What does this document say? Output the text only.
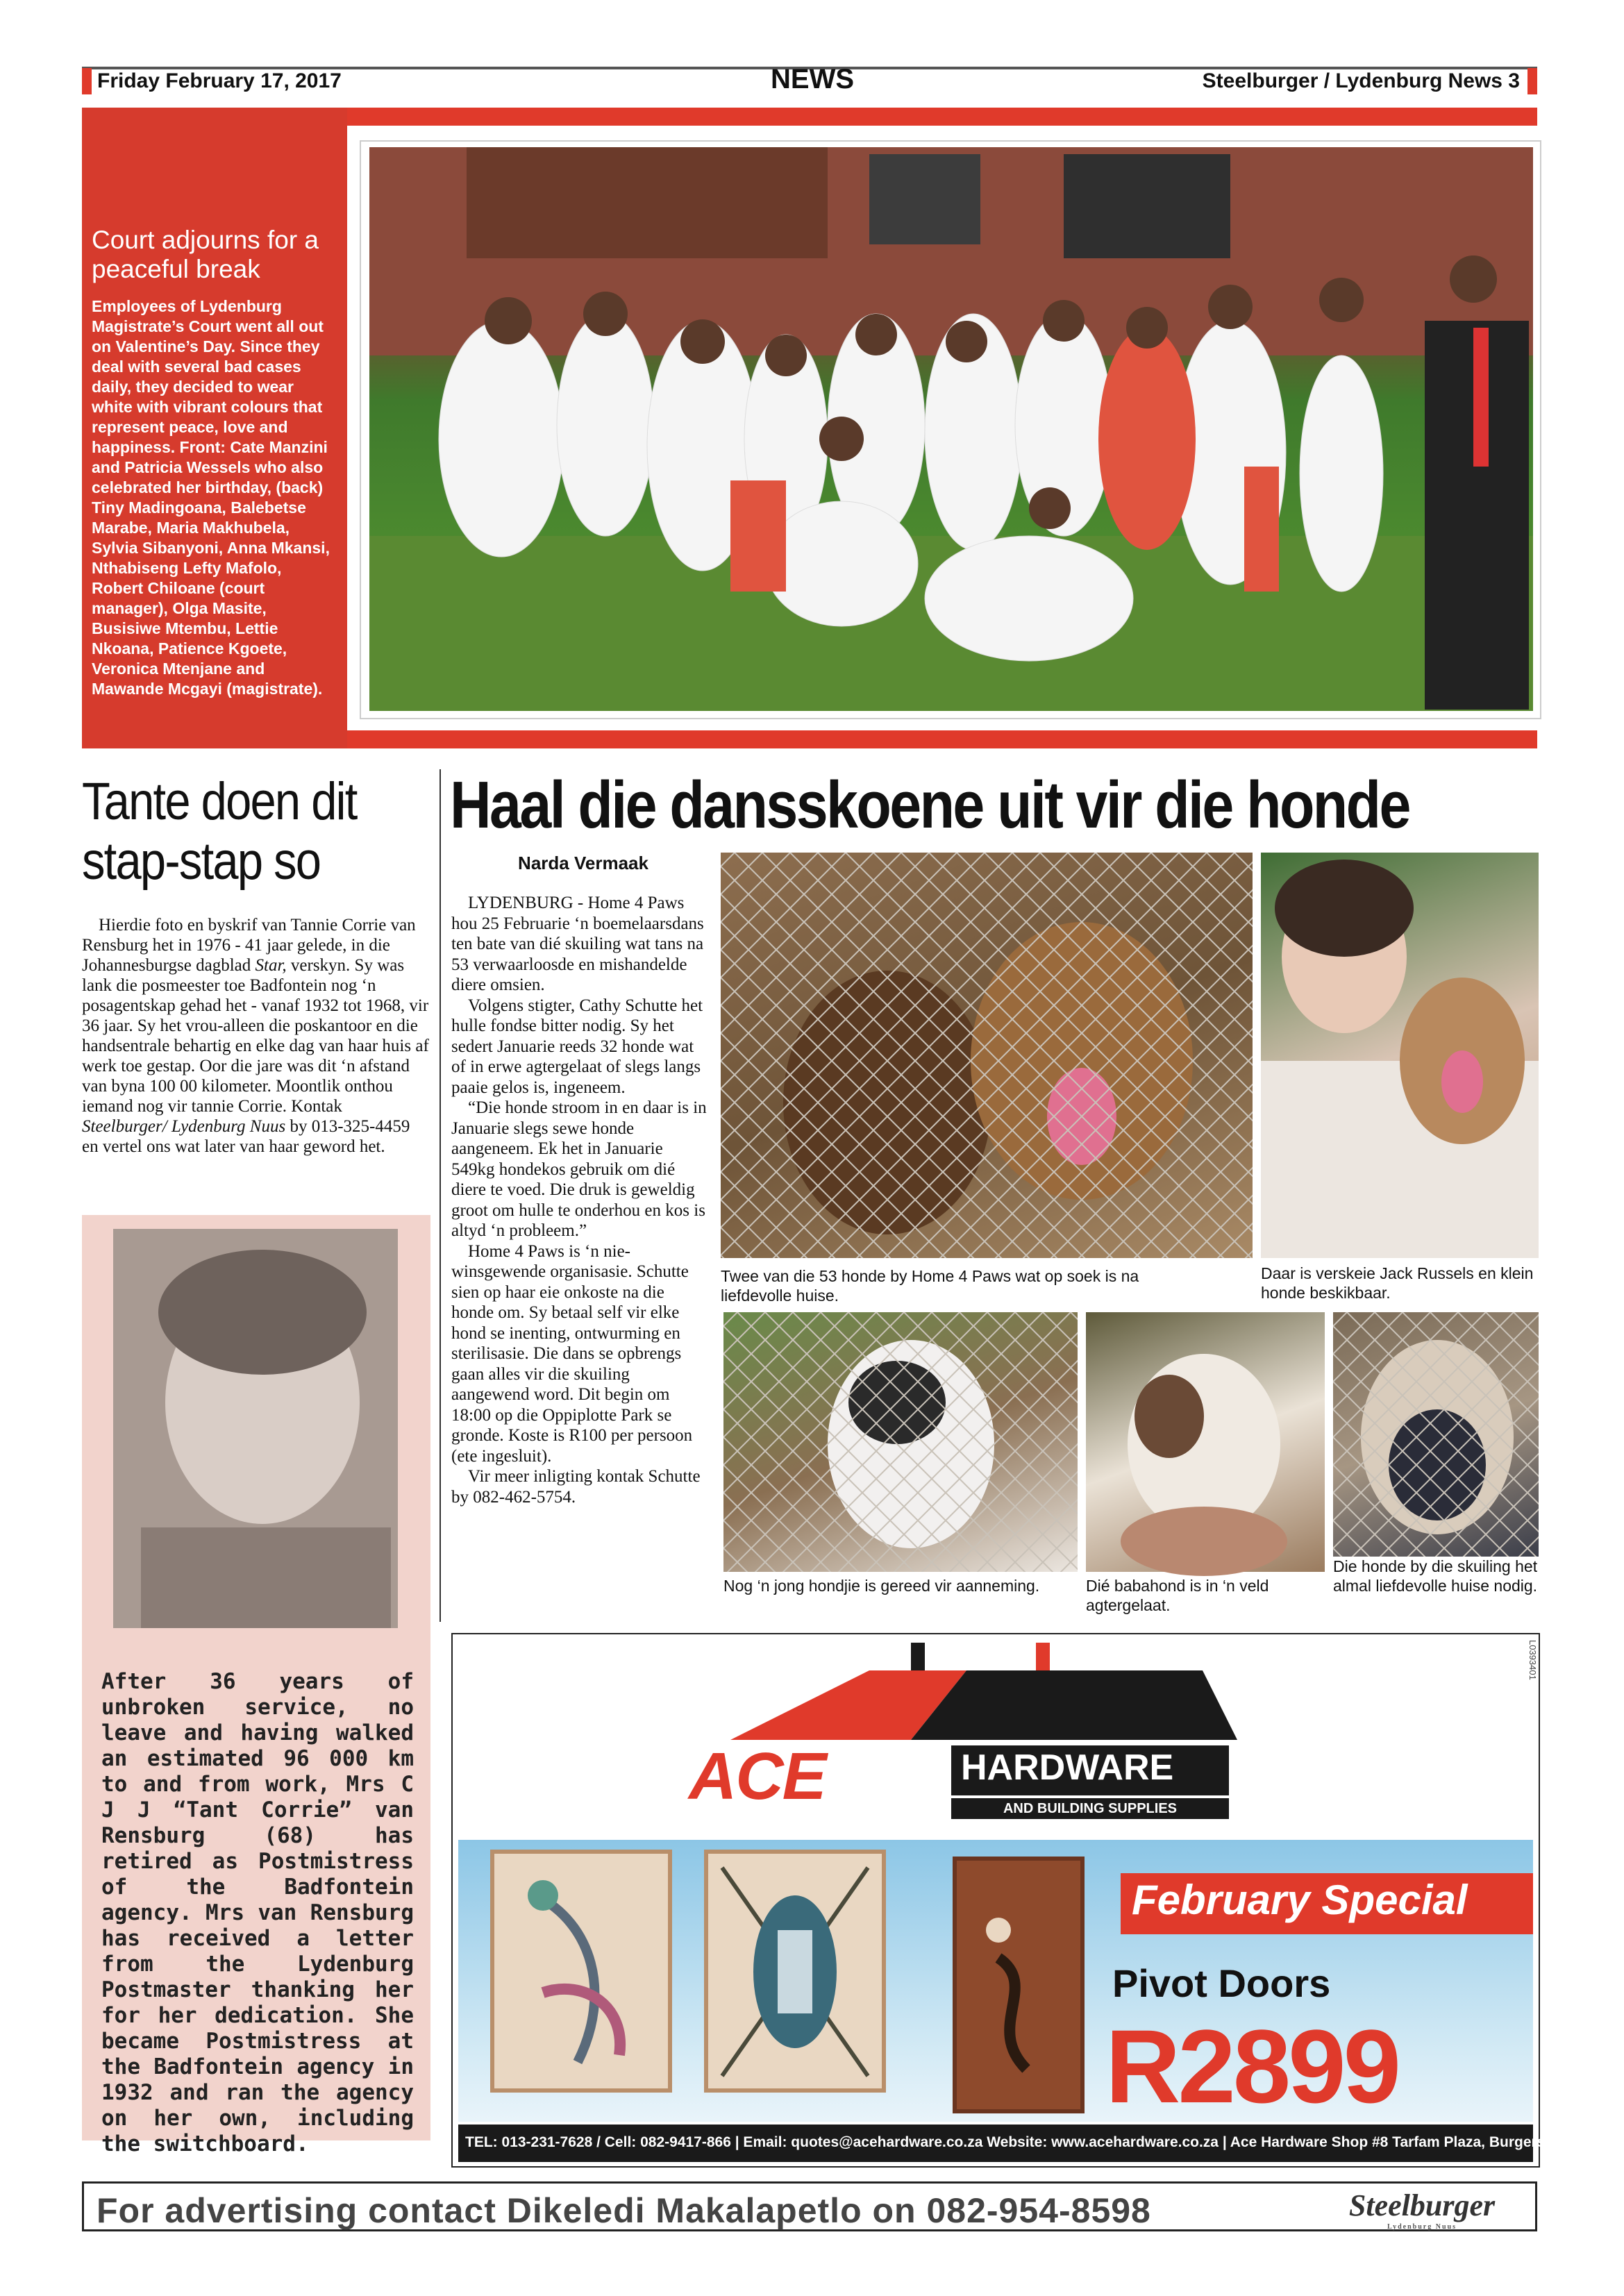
Friday February 17, 2017	NEWS	Steelburger / Lydenburg News 3
Court adjourns for a peaceful break
Employees of Lydenburg Magistrate’s Court went all out on Valentine’s Day. Since they deal with several bad cases daily, they decided to wear white with vibrant colours that represent peace, love and happiness. Front: Cate Manzini and Patricia Wessels who also celebrated her birthday, (back) Tiny Madingoana, Balebetse Marabe, Maria Makhubela, Sylvia Sibanyoni, Anna Mkansi, Nthabiseng Lefty Mafolo, Robert Chiloane (court manager), Olga Masite, Busisiwe Mtembu, Lettie Nkoana, Patience Kgoete, Veronica Mtenjane and Mawande Mcgayi (magistrate).
Tante doen dit stap-stap so
Hierdie foto en byskrif van Tannie Corrie van Rensburg het in 1976 - 41 jaar gelede, in die Johannesburgse dagblad Star, verskyn. Sy was lank die posmeester toe Badfontein nog ‘n posagentskap gehad het - vanaf 1932 tot 1968, vir 36 jaar. Sy het vrou-alleen die poskantoor en die handsentrale behartig en elke dag van haar huis af werk toe gestap. Oor die jare was dit ‘n afstand van byna 100 00 kilometer. Moontlik onthou iemand nog vir tannie Corrie. Kontak Steelburger/ Lydenburg Nuus by 013-325-4459 en vertel ons wat later van haar geword het.
After 36 years of unbroken service, no leave and having walked an estimated 96 000 km to and from work, Mrs C J J “Tant Corrie” van Rensburg (68) has retired as Postmistress of the Badfontein agency. Mrs van Rensburg has received a letter from the Lydenburg Postmaster thanking her for her dedication. She became Postmistress at the Badfontein agency in 1932 and ran the agency on her own, including the switchboard.
Haal die dansskoene uit vir die honde
Narda Vermaak

LYDENBURG - Home 4 Paws hou 25 Februarie ‘n boemelaarsdans ten bate van dié skuiling wat tans na 53 verwaarloosde en mishandelde diere omsien.

Volgens stigter, Cathy Schutte het hulle fondse bitter nodig. Sy het sedert Januarie reeds 32 honde wat of in erwe agtergelaat of slegs langs paaie gelos is, ingeneem.

“Die honde stroom in en daar is in Januarie slegs sewe honde aangeneem. Ek het in Januarie 549kg hondekos gebruik om dié diere te voed. Die druk is geweldig groot om hulle te onderhou en kos is altyd ‘n probleem.”

Home 4 Paws is ‘n nie-winsgewende organisasie. Schutte sien op haar eie onkoste na die honde om. Sy betaal self vir elke hond se inenting, ontwurming en sterilisasie. Die dans se opbrengs gaan alles vir die skuiling aangewend word. Dit begin om 18:00 op die Oppiplotte Park se gronde. Koste is R100 per persoon (ete ingesluit).

Vir meer inligting kontak Schutte by 082-462-5754.

Twee van die 53 honde by Home 4 Paws wat op soek is na liefdevolle huise.
Daar is verskeie Jack Russels en klein honde beskikbaar.
Nog ‘n jong hondjie is gereed vir aanneming.	Dié babahond is in ‘n veld agtergelaat.
Die honde by die skuiling het almal liefdevolle huise nodig.
L0393401
ACE	HARDWARE
AND BUILDING SUPPLIES
February Special
Pivot Doors
R2899
TEL: 013-231-7628 / Cell: 082-9417-866 | Email: quotes@acehardware.co.za Website: www.acehardware.co.za | Ace Hardware Shop #8 Tarfam Plaza, Burgersfort
For advertising contact Dikeledi Makalapetlo on 082-954-8598	Steelburger
Lydenburg Nuus
